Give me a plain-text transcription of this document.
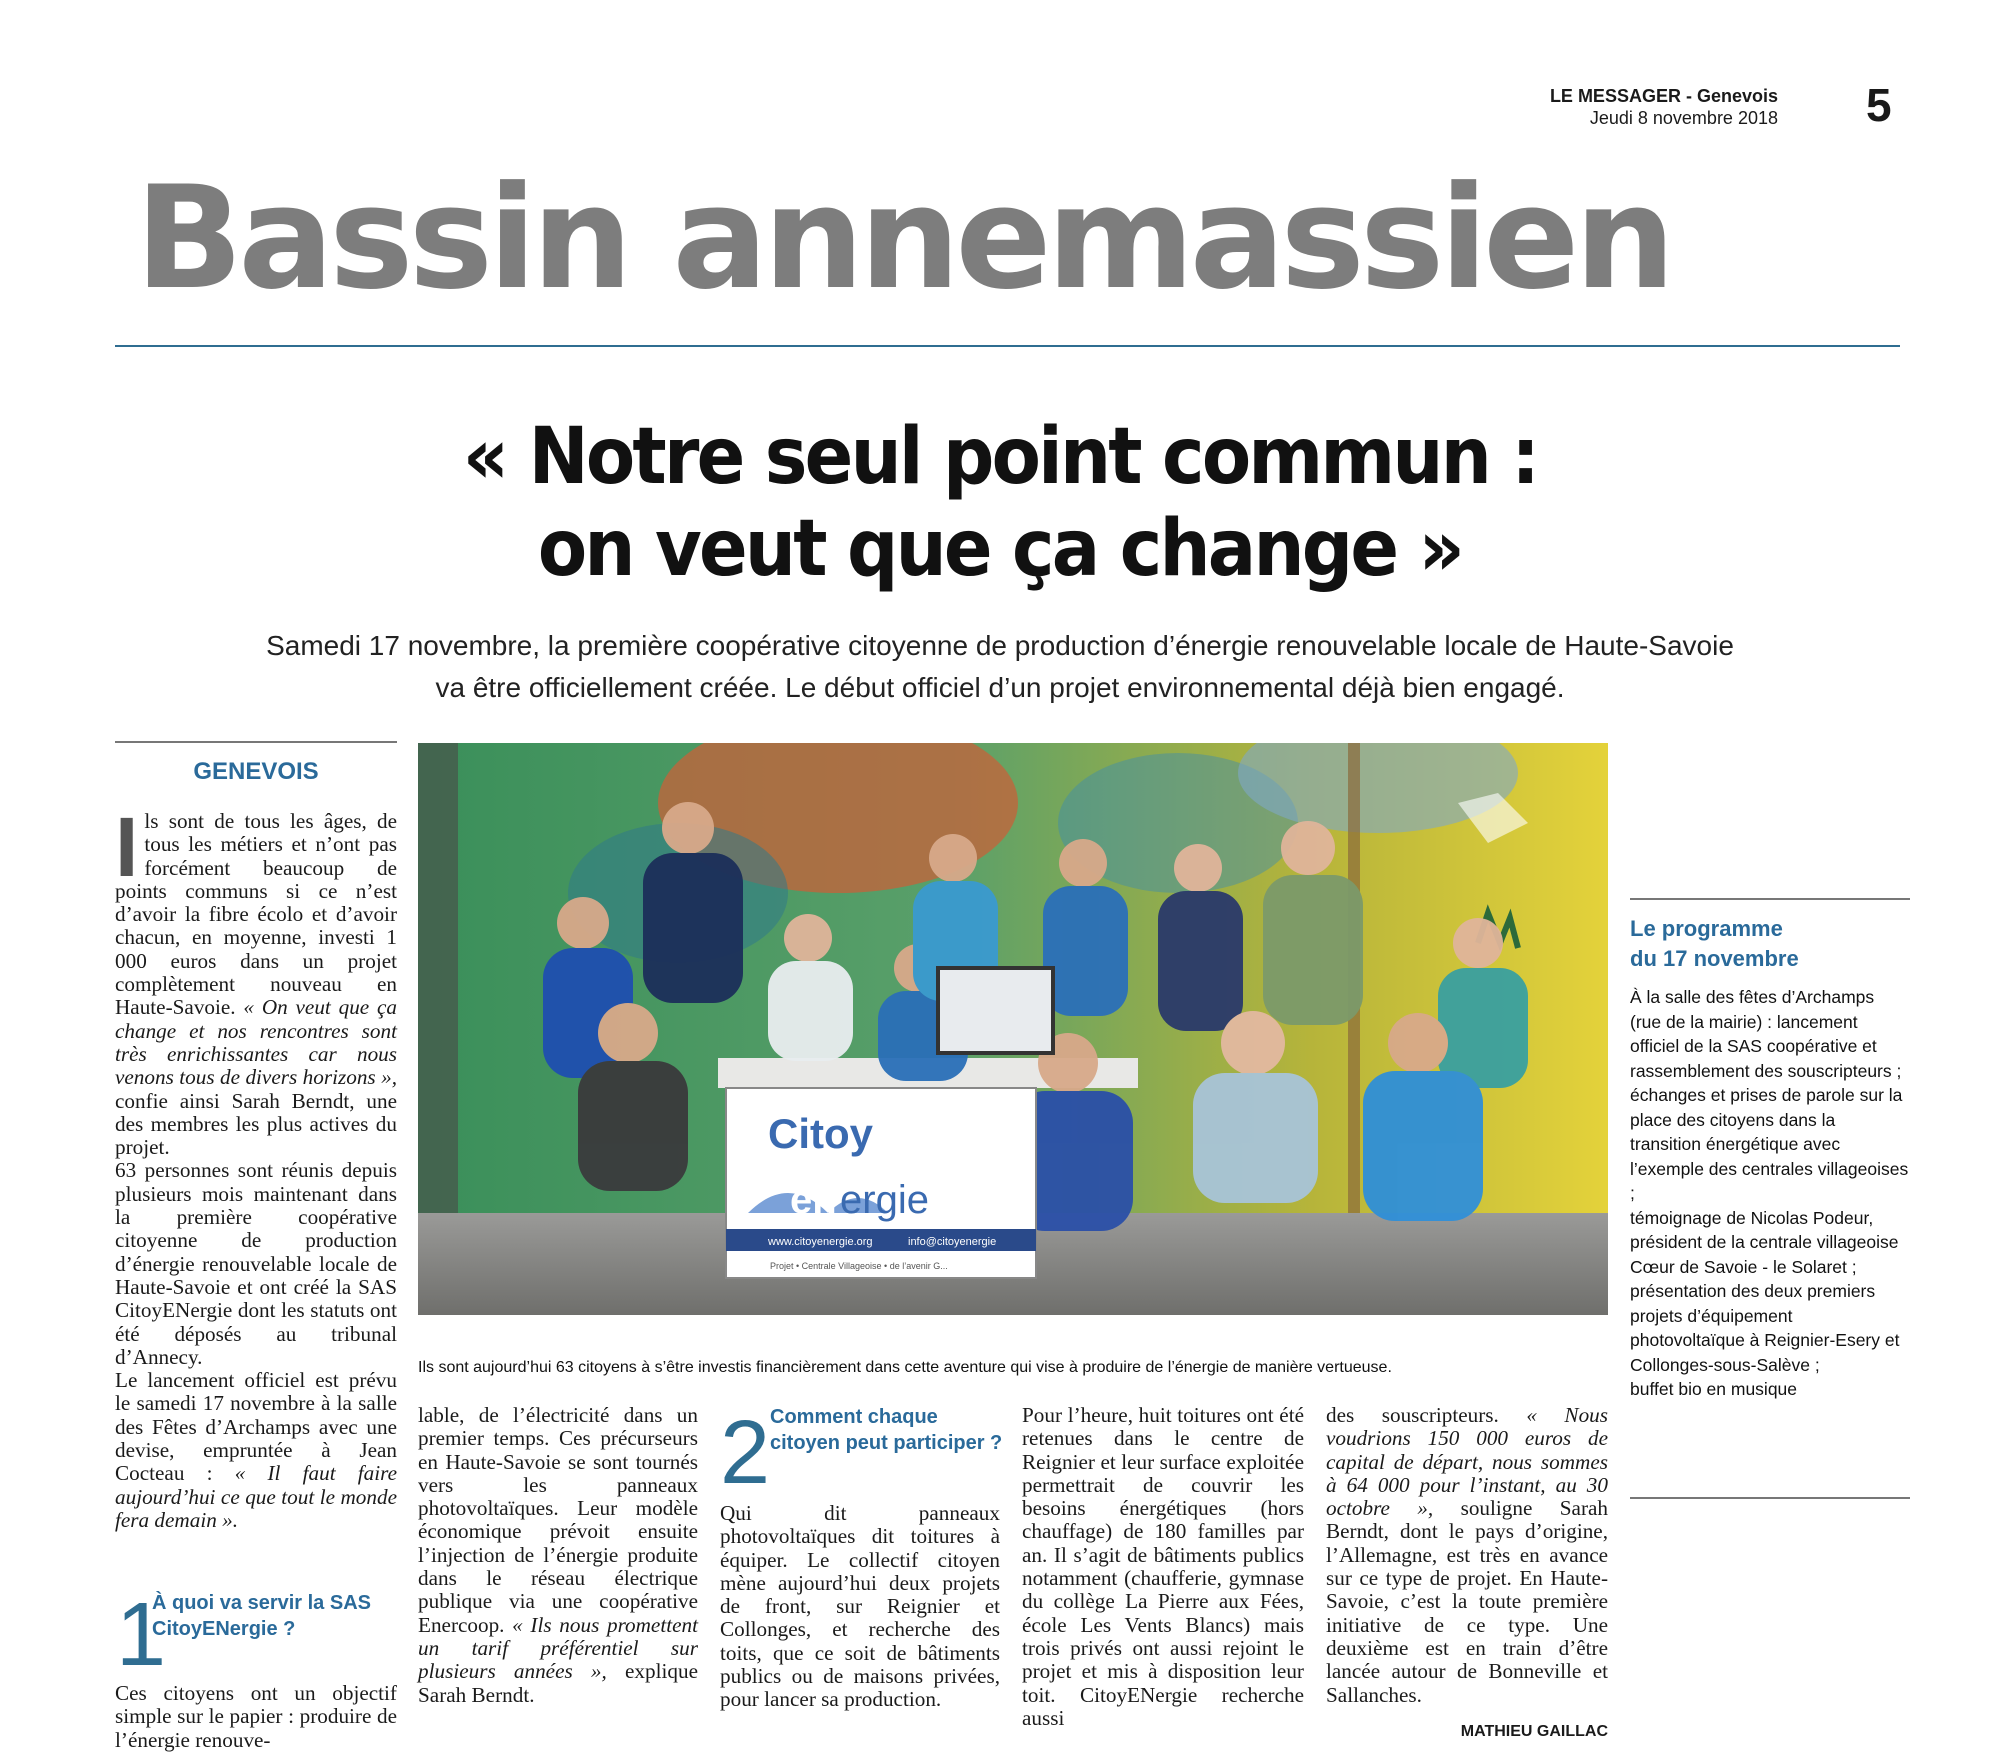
LE MESSAGER - Genevois
Jeudi 8 novembre 2018 5
Bassin annemassien
« Notre seul point commun :
on veut que ça change »
Samedi 17 novembre, la première coopérative citoyenne de production d’énergie renouvelable locale de Haute-Savoie
va être officiellement créée. Le début officiel d’un projet environnemental déjà bien engagé.
GENEVOIS

Ils sont de tous les âges, de tous les métiers et n’ont pas forcément beaucoup de points communs si ce n’est d’avoir la fibre écolo et d’avoir chacun, en moyenne, investi 1 000 euros dans un projet complètement nouveau en Haute-Savoie. « On veut que ça change et nos rencontres sont très enrichissantes car nous venons tous de divers horizons », confie ainsi Sarah Berndt, une des membres les plus actives du projet.

63 personnes sont réunis depuis plusieurs mois maintenant dans la première coopérative citoyenne de production d’énergie renouvelable locale de Haute-Savoie et ont créé la SAS CitoyENergie dont les statuts ont été déposés au tribunal d’Annecy.

Le lancement officiel est prévu le samedi 17 novembre à la salle des Fêtes d’Archamps avec une devise, empruntée à Jean Cocteau : « Il faut faire aujourd’hui ce que tout le monde fera demain ».

1
À quoi va servir la SAS CitoyENergie ?

Ces citoyens ont un objectif simple sur le papier : produire de l’énergie renouve-

Citoy
en ergie
www.citoyenergie.org	info@citoyenergie
Projet • Centrale Villageoise • de l’avenir G...
Ils sont aujourd’hui 63 citoyens à s’être investis financièrement dans cette aventure qui vise à produire de l’énergie de manière vertueuse.

lable, de l’électricité dans un premier temps. Ces précurseurs en Haute-Savoie se sont tournés vers les panneaux photovoltaïques. Leur modèle économique prévoit ensuite l’injection de l’énergie produite dans le réseau électrique publique via une coopérative Enercoop. « Ils nous promettent un tarif préférentiel sur plusieurs années », explique Sarah Berndt.

2 Comment chaque citoyen peut participer ?

Qui dit panneaux photovoltaïques dit toitures à équiper. Le collectif citoyen mène aujourd’hui deux projets de front, sur Reignier et Collonges, et recherche des toits, que ce soit de bâtiments publics ou de maisons privées, pour lancer sa production.

Pour l’heure, huit toitures ont été retenues dans le centre de Reignier et leur surface exploitée permettrait de couvrir les besoins énergétiques (hors chauffage) de 180 familles par an. Il s’agit de bâtiments publics notamment (chaufferie, gymnase du collège La Pierre aux Fées, école Les Vents Blancs) mais trois privés ont aussi rejoint le projet et mis à disposition leur toit. CitoyENergie recherche aussi

des souscripteurs. « Nous voudrions 150 000 euros de capital de départ, nous sommes à 64 000 pour l’instant, au 30 octobre », souligne Sarah Berndt, dont le pays d’origine, l’Allemagne, est très en avance sur ce type de projet. En Haute-Savoie, c’est la toute première initiative de ce type. Une deuxième est en train d’être lancée autour de Bonneville et Sallanches.

MATHIEU GAILLAC
Le programme
du 17 novembre

À la salle des fêtes d’Archamps (rue de la mairie) : lancement officiel de la SAS coopérative et rassemblement des souscripteurs ;

échanges et prises de parole sur la place des citoyens dans la transition énergétique avec l’exemple des centrales villageoises ;

témoignage de Nicolas Podeur, président de la centrale villageoise Cœur de Savoie - le Solaret ;

présentation des deux premiers projets d’équipement photovoltaïque à Reignier-Esery et Collonges-sous-Salève ;

buffet bio en musique
